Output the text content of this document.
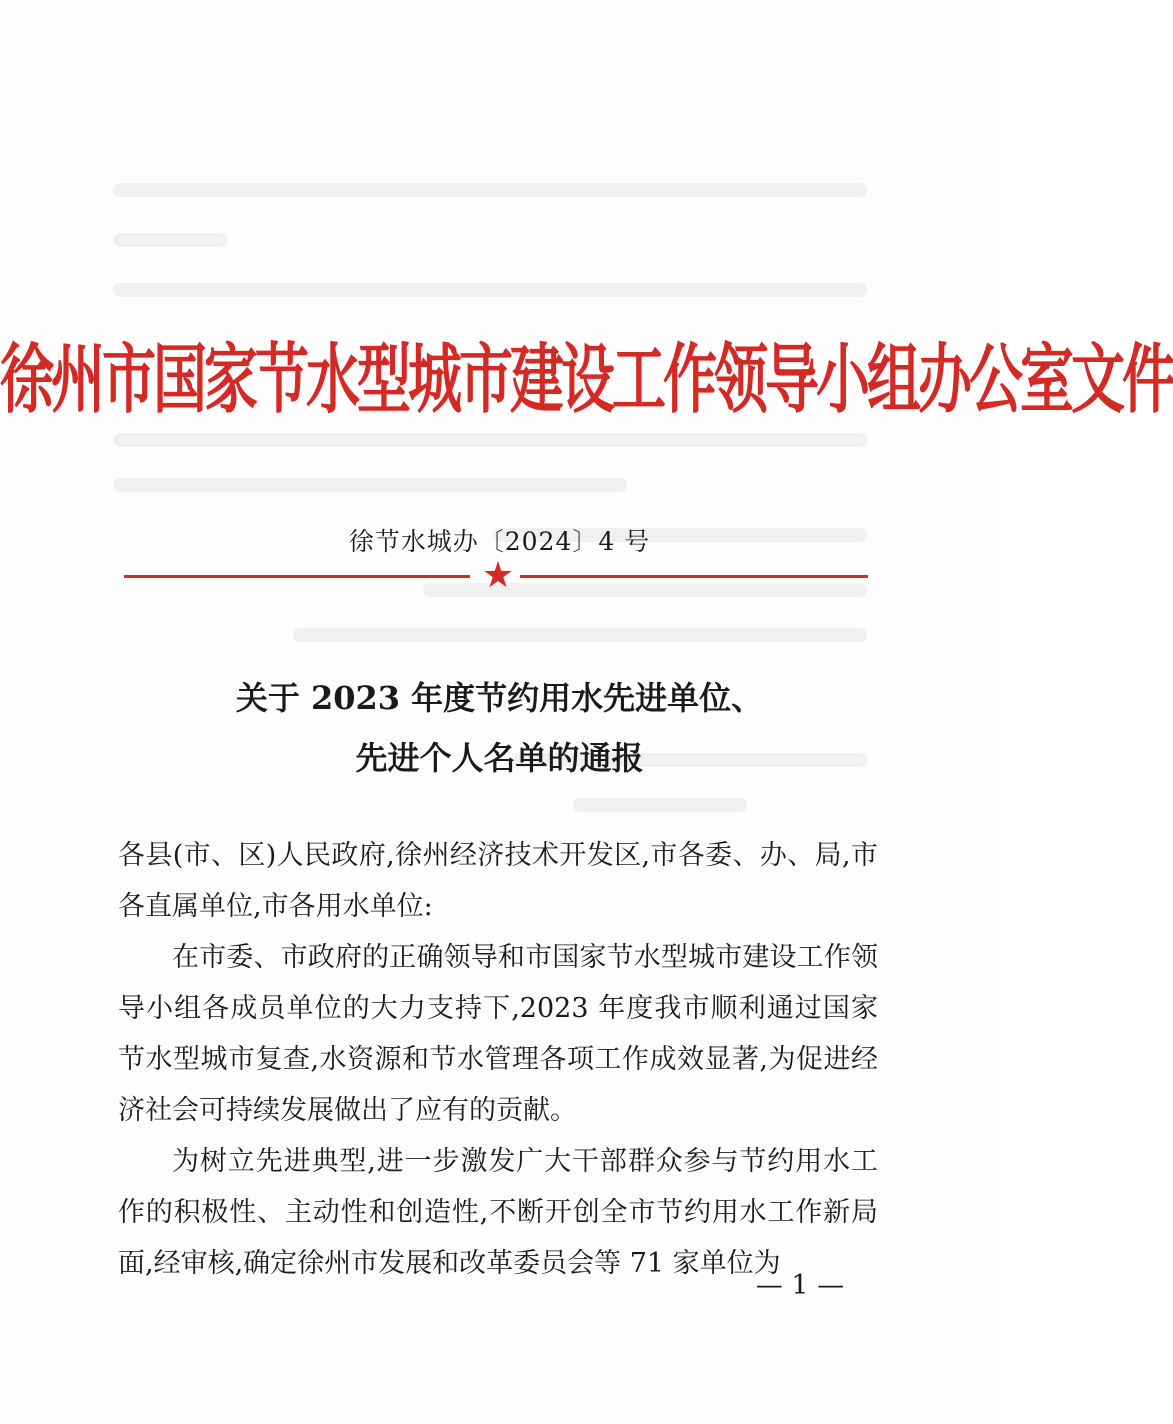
徐州市国家节水型城市建设工作领导小组办公室文件
徐节水城办〔2024〕4 号
★
关于 2023 年度节约用水先进单位、
先进个人名单的通报

各县(市、区)人民政府,徐州经济技术开发区,市各委、办、局,市各直属单位,市各用水单位:

在市委、市政府的正确领导和市国家节水型城市建设工作领导小组各成员单位的大力支持下,2023 年度我市顺利通过国家节水型城市复查,水资源和节水管理各项工作成效显著,为促进经济社会可持续发展做出了应有的贡献。

为树立先进典型,进一步激发广大干部群众参与节约用水工作的积极性、主动性和创造性,不断开创全市节约用水工作新局面,经审核,确定徐州市发展和改革委员会等 71 家单位为

— 1 —
